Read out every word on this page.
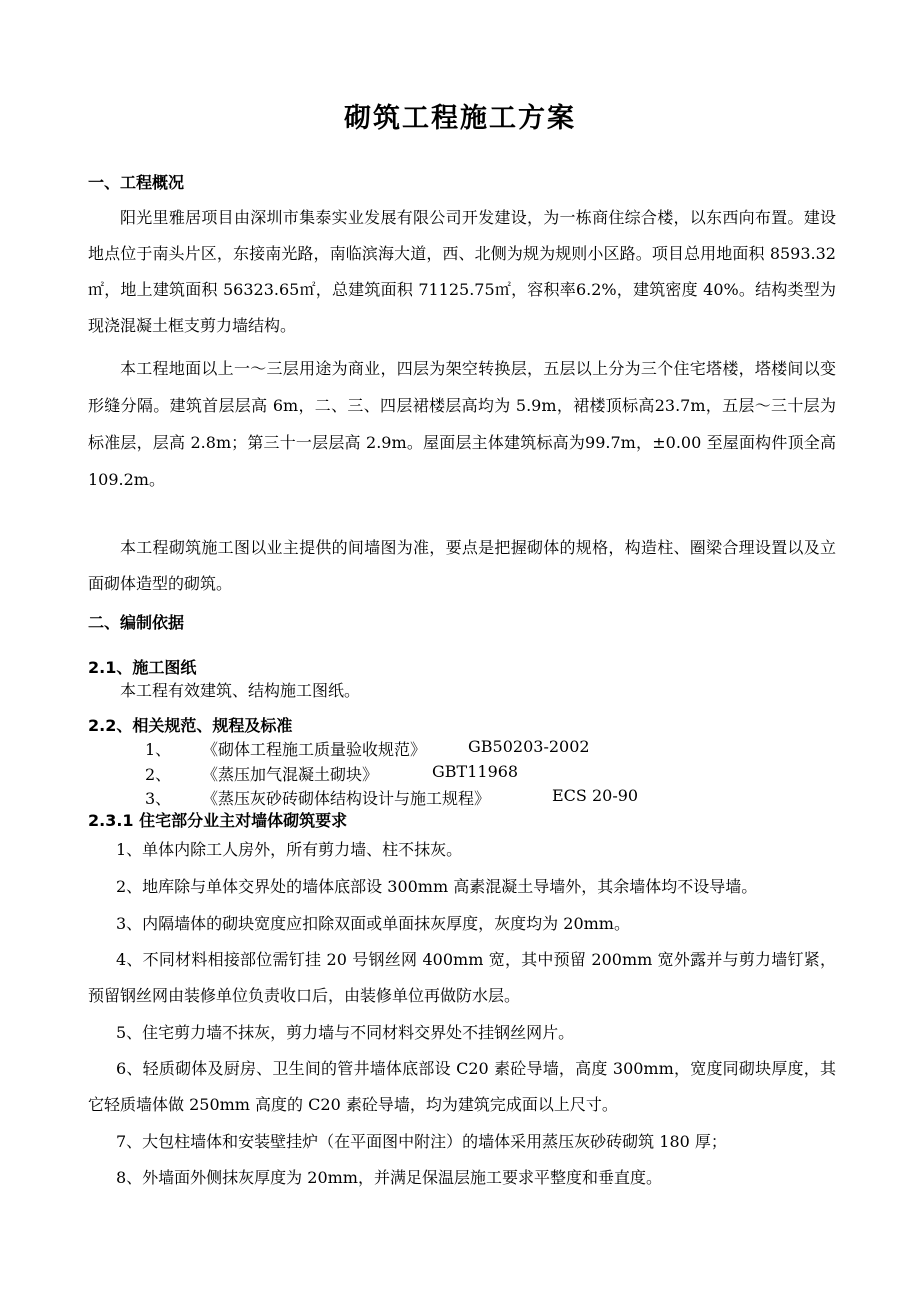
砌筑工程施工方案
一、工程概况

阳光里雅居项目由深圳市集泰实业发展有限公司开发建设，为一栋商住综合楼，以东西向布置。建设地点位于南头片区，东接南光路，南临滨海大道，西、北侧为规为规则小区路。项目总用地面积 8593.32㎡，地上建筑面积 56323.65㎡，总建筑面积 71125.75㎡，容积率6.2%，建筑密度 40%。结构类型为现浇混凝土框支剪力墙结构。

本工程地面以上一～三层用途为商业，四层为架空转换层，五层以上分为三个住宅塔楼，塔楼间以变形缝分隔。建筑首层层高 6m，二、三、四层裙楼层高均为 5.9m，裙楼顶标高23.7m，五层～三十层为标准层，层高 2.8m；第三十一层层高 2.9m。屋面层主体建筑标高为99.7m，±0.00 至屋面构件顶全高 109.2m。

本工程砌筑施工图以业主提供的间墙图为准，要点是把握砌体的规格，构造柱、圈梁合理设置以及立面砌体造型的砌筑。

二、编制依据
2.1、施工图纸
本工程有效建筑、结构施工图纸。
2.2、相关规范、规程及标准
1、 《砌体工程施工质量验收规范》	GB50203-2002
2、 《蒸压加气混凝土砌块》	GBT11968
3、 《蒸压灰砂砖砌体结构设计与施工规程》	ECS 20-90
2.3.1 住宅部分业主对墙体砌筑要求

1、单体内除工人房外，所有剪力墙、柱不抹灰。

2、地库除与单体交界处的墙体底部设 300mm 高素混凝土导墙外，其余墙体均不设导墙。

3、内隔墙体的砌块宽度应扣除双面或单面抹灰厚度，灰度均为 20mm。

4、不同材料相接部位需钉挂 20 号钢丝网 400mm 宽，其中预留 200mm 宽外露并与剪力墙钉紧，预留钢丝网由装修单位负责收口后，由装修单位再做防水层。

5、住宅剪力墙不抹灰，剪力墙与不同材料交界处不挂钢丝网片。

6、轻质砌体及厨房、卫生间的管井墙体底部设 C20 素砼导墙，高度 300mm，宽度同砌块厚度，其它轻质墙体做 250mm 高度的 C20 素砼导墙，均为建筑完成面以上尺寸。

7、大包柱墙体和安装壁挂炉（在平面图中附注）的墙体采用蒸压灰砂砖砌筑 180 厚；

8、外墙面外侧抹灰厚度为 20mm，并满足保温层施工要求平整度和垂直度。
